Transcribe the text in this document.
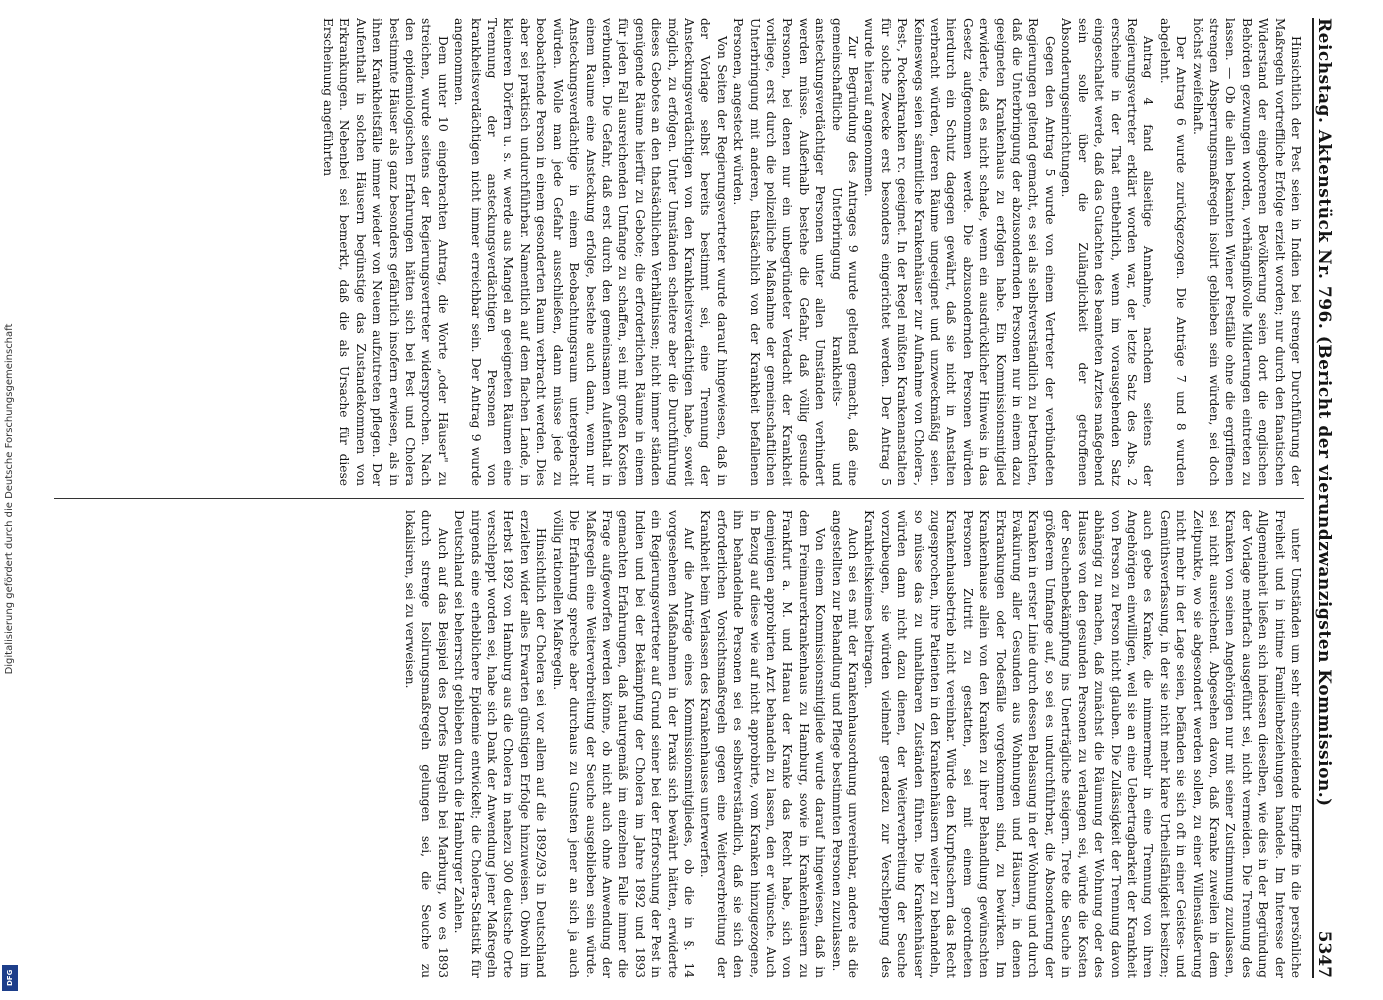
Digitalisierung gefördert durch die Deutsche Forschungsgemeinschaft
DFG
Reichstag. Aktenstück Nr. 796. (Bericht der vierundzwanzigsten Kommission.)
5347

Hinsichtlich der Pest seien in Indien bei strenger Durchführung der Maßregeln vortreffliche Erfolge erzielt worden; nur durch den fanatischen Widerstand der eingeborenen Bevölkerung seien dort die englischen Behörden gezwungen worden, verhängnißvolle Milderungen eintreten zu lassen. — Ob die allen bekannten Wiener Pestfälle ohne die ergriffenen strengen Absperrungsmaßregeln isolirt geblieben sein würden, sei doch höchst zweifelhaft.

Der Antrag 6 wurde zurückgezogen. Die Anträge 7 und 8 wurden abgelehnt.

Antrag 4 fand allseitige Annahme, nachdem seitens der Regierungsvertreter erklärt worden war, der letzte Satz des Abs. 2 erscheine in der That entbehrlich, wenn im vorausgehenden Satz eingeschaltet werde, daß das Gutachten des beamteten Arztes maßgebend sein solle über die Zulänglichkeit der getroffenen Absonderungseinrichtungen.

Gegen den Antrag 5 wurde von einem Vertreter der verbündeten Regierungen geltend gemacht, es sei als selbstverständlich zu betrachten, daß die Unterbringung der abzusondernden Personen nur in einem dazu geeigneten Krankenhaus zu erfolgen habe. Ein Kommissionsmitglied erwiderte, daß es nicht schade, wenn ein ausdrücklicher Hinweis in das Gesetz aufgenommen werde. Die abzusondernden Personen würden hierdurch ein Schutz dagegen gewährt, daß sie nicht in Anstalten verbracht würden, deren Räume ungeeignet und unzweckmäßig seien. Keineswegs seien sämmtliche Krankenhäuser zur Aufnahme von Cholera-, Pest-, Pockenkranken rc. geeignet. In der Regel müßten Krankenanstalten für solche Zwecke erst besonders eingerichtet werden. Der Antrag 5 wurde hierauf angenommen.

Zur Begründung des Antrages 9 wurde geltend gemacht, daß eine gemeinschaftliche Unterbringung krankheits- und ansteckungsverdächtiger Personen unter allen Umständen verhindert werden müsse. Außerhalb bestehe die Gefahr, daß völlig gesunde Personen, bei denen nur ein unbegründeter Verdacht der Krankheit vorliege, erst durch die polizeiliche Maßnahme der gemeinschaftlichen Unterbringung mit anderen, thatsächlich von der Krankheit befallenen Personen, angesteckt würden.

Von Seiten der Regierungsvertreter wurde darauf hingewiesen, daß in der Vorlage selbst bereits bestimmt sei, eine Trennung der Ansteckungsverdächtigen von den Krankheitsverdächtigen habe, soweit möglich, zu erfolgen. Unter Umständen scheitere aber die Durchführung dieses Gebotes an den thatsächlichen Verhältnissen; nicht immer ständen genügende Räume hierfür zu Gebote; die erforderlichen Räume in einem für jeden Fall ausreichenden Umfange zu schaffen, sei mit großen Kosten verbunden. Die Gefahr, daß erst durch den gemeinsamen Aufenthalt in einem Raume eine Ansteckung erfolge, bestehe auch dann, wenn nur Ansteckungsverdächtige in einem Beobachtungsraum untergebracht würden. Wolle man jede Gefahr ausschließen, dann müsse jede zu beobachtende Person in einem gesonderten Raum verbracht werden. Dies aber sei praktisch undurchführbar. Namentlich auf dem flachen Lande, in kleineren Dörfern u. s. w. werde aus Mangel an geeigneten Räumen eine Trennung der ansteckungsverdächtigen Personen von krankheitsverdächtigen nicht immer erreichbar sein. Der Antrag 9 wurde angenommen.

Dem unter 10 eingebrachten Antrag, die Worte „oder Häuser" zu streichen, wurde seitens der Regierungsvertreter widersprochen. Nach den epidemiologischen Erfahrungen hätten sich bei Pest und Cholera bestimmte Häuser als ganz besonders gefährlich insofern erwiesen, als in ihnen Krankheitsfälle immer wieder von Neuem aufzutreten pflegen. Der Aufenthalt in solchen Häusern begünstige das Zustandekommen von Erkrankungen. Nebenbei sei bemerkt, daß die als Ursache für diese Erscheinung angeführten

unter Umständen um sehr einschneidende Eingriffe in die persönliche Freiheit und in intime Familienbeziehungen handele. Im Interesse der Allgemeinheit ließen sich indessen dieselben, wie dies in der Begründung der Vorlage mehrfach ausgeführt sei, nicht vermeiden. Die Trennung des Kranken von seinen Angehörigen nur mit seiner Zustimmung zuzulassen, sei nicht ausreichend. Abgesehen davon, daß Kranke zuweilen in dem Zeitpunkte, wo sie abgesondert werden sollen, zu einer Willensäußerung nicht mehr in der Lage seien, befänden sie sich oft in einer Geistes- und Gemüthsverfassung, in der sie nicht mehr klare Urtheilsfähigkeit besitzen; auch gebe es Kranke, die nimmermehr in eine Trennung von ihren Angehörigen einwilligen, weil sie an eine Uebertragbarkeit der Krankheit von Person zu Person nicht glauben. Die Zulässigkeit der Trennung davon abhängig zu machen, daß zunächst die Räumung der Wohnung oder des Hauses von den gesunden Personen zu verlangen sei, würde die Kosten der Seuchenbekämpfung ins Unerträgliche steigern. Trete die Seuche in größerem Umfange auf, so sei es undurchführbar, die Absonderung der Kranken in erster Linie durch dessen Belassung in der Wohnung und durch Evakuirung aller Gesunden aus Wohnungen und Häusern, in denen Erkrankungen oder Todesfälle vorgekommen sind, zu bewirken. Im Krankenhause allein von den Kranken zu ihrer Behandlung gewünschten Personen Zutritt zu gestatten, sei mit einem geordneten Krankenhausbetrieb nicht vereinbar. Würde den Kurpfuschern das Recht zugesprochen, ihre Patienten in den Krankenhäusern weiter zu behandeln, so müsse das zu unhaltbaren Zuständen führen. Die Krankenhäuser würden dann nicht dazu dienen, der Weiterverbreitung der Seuche vorzubeugen, sie würden vielmehr geradezu zur Verschleppung des Krankheitskeimes beitragen.

Auch sei es mit der Krankenhausordnung unvereinbar, andere als die angestellten zur Behandlung und Pflege bestimmten Personen zuzulassen.

Von einem Kommissionsmitgliede wurde darauf hingewiesen, daß in dem Freimaurerkrankenhaus zu Hamburg, sowie in Krankenhäusern zu Frankfurt a. M. und Hanau der Kranke das Recht habe, sich von demjenigen approbirten Arzt behandeln zu lassen, den er wünsche. Auch in Bezug auf diese wie auf nicht approbirte, vom Kranken hinzugezogene, ihn behandelnde Personen sei es selbstverständlich, daß sie sich den erforderlichen Vorsichtsmaßregeln gegen eine Weiterverbreitung der Krankheit beim Verlassen des Krankenhauses unterwerfen.

Auf die Anträge eines Kommissionsmitgliedes, ob die in §. 14 vorgesehenen Maßnahmen in der Praxis sich bewährt hätten, erwiderte ein Regierungsvertreter auf Grund seiner bei der Erforschung der Pest in Indien und bei der Bekämpfung der Cholera im Jahre 1892 und 1893 gemachten Erfahrungen, daß naturgemäß im einzelnen Falle immer die Frage aufgeworfen werden könne, ob nicht auch ohne Anwendung der Maßregeln eine Weiterverbreitung der Seuche ausgeblieben sein würde. Die Erfahrung spreche aber durchaus zu Gunsten jener an sich ja auch völlig rationellen Maßregeln.

Hinsichtlich der Cholera sei vor allem auf die 1892/93 in Deutschland erzielten wider alles Erwarten günstigen Erfolge hinzuweisen. Obwohl im Herbst 1892 von Hamburg aus die Cholera in nahezu 300 deutsche Orte verschleppt worden sei, habe sich Dank der Anwendung jener Maßregeln nirgends eine erheblichere Epidemie entwickelt; die Cholera-Statistik für Deutschland sei beherrscht geblieben durch die Hamburger Zahlen.

Auch auf das Beispiel des Dorfes Bürgeln bei Marburg, wo es 1893 durch strenge Isolirungsmaßregeln gelungen sei, die Seuche zu lokalisiren, sei zu verweisen.
